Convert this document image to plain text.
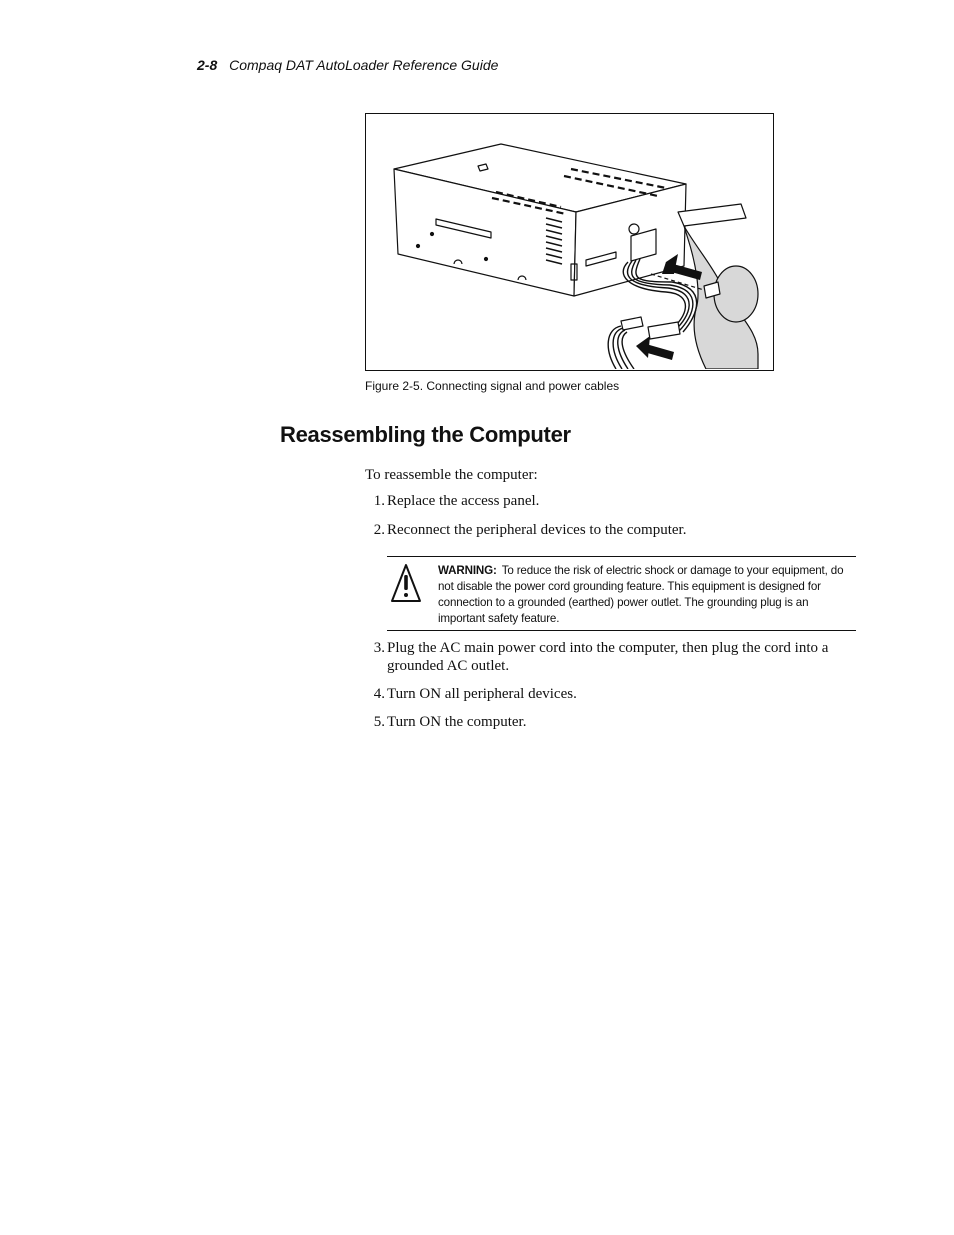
2-8 Compaq DAT AutoLoader Reference Guide
Figure 2-5. Connecting signal and power cables
Reassembling the Computer
To reassemble the computer:
1. Replace the access panel.
2. Reconnect the peripheral devices to the computer.
WARNING: To reduce the risk of electric shock or damage to your equipment, do not disable the power cord grounding feature. This equipment is designed for connection to a grounded (earthed) power outlet. The grounding plug is an important safety feature.
3. Plug the AC main power cord into the computer, then plug the cord into a grounded AC outlet.
4. Turn ON all peripheral devices.
5. Turn ON the computer.
